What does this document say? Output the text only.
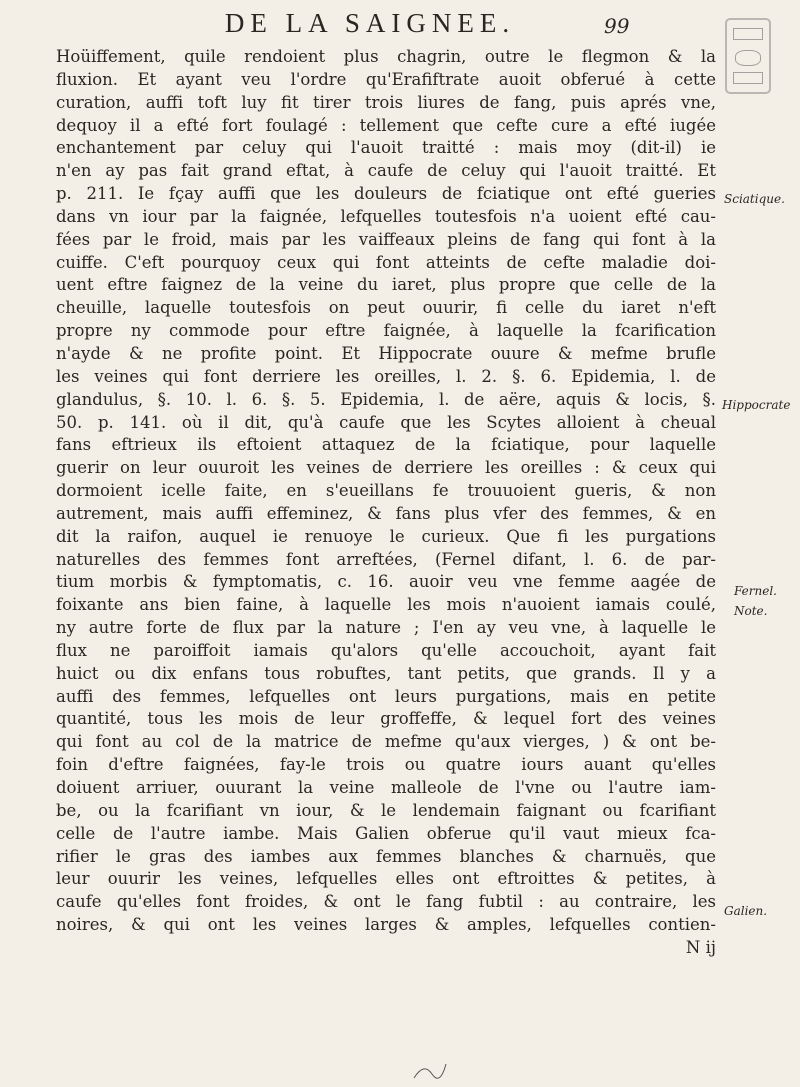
DE LA SAIGNEE.	99
Hoüiffement, quile rendoient plus chagrin, outre le flegmon & la
fluxion. Et ayant veu l'ordre qu'Erafiftrate auoit obferué à cette
curation, auffi toft luy fit tirer trois liures de fang, puis aprés vne,
dequoy il a efté fort foulagé : tellement que cefte cure a efté iugée
enchantement par celuy qui l'auoit traitté : mais moy (dit-il) ie
n'en ay pas fait grand eftat, à caufe de celuy qui l'auoit traitté. Et
p. 211. Ie fçay auffi que les douleurs de fciatique ont efté gueries
dans vn iour par la faignée, lefquelles toutesfois n'a uoient efté cau-
fées par le froid, mais par les vaiffeaux pleins de fang qui font à la
cuiffe. C'eft pourquoy ceux qui font atteints de cefte maladie doi-
uent eftre faignez de la veine du iaret, plus propre que celle de la
cheuille, laquelle toutesfois on peut ouurir, fi celle du iaret n'eft
propre ny commode pour eftre faignée, à laquelle la fcarification
n'ayde & ne profite point. Et Hippocrate ouure & mefme brufle
les veines qui font derriere les oreilles, l. 2. §. 6. Epidemia, l. de
glandulus, §. 10. l. 6. §. 5. Epidemia, l. de aëre, aquis & locis, §.
50. p. 141. où il dit, qu'à caufe que les Scytes alloient à cheual
fans eftrieux ils eftoient attaquez de la fciatique, pour laquelle
guerir on leur ouuroit les veines de derriere les oreilles : & ceux qui
dormoient icelle faite, en s'eueillans fe trouuoient gueris, & non
autrement, mais auffi effeminez, & fans plus vfer des femmes, & en
dit la raifon, auquel ie renuoye le curieux. Que fi les purgations
naturelles des femmes font arreftées, (Fernel difant, l. 6. de par-
tium morbis & fymptomatis, c. 16. auoir veu vne femme aagée de
foixante ans bien faine, à laquelle les mois n'auoient iamais coulé,
ny autre forte de flux par la nature ; I'en ay veu vne, à laquelle le
flux ne paroiffoit iamais qu'alors qu'elle accouchoit, ayant fait
huict ou dix enfans tous robuftes, tant petits, que grands. Il y a
auffi des femmes, lefquelles ont leurs purgations, mais en petite
quantité, tous les mois de leur groffeffe, & lequel fort des veines
qui font au col de la matrice de mefme qu'aux vierges, ) & ont be-
foin d'eftre faignées, fay-le trois ou quatre iours auant qu'elles
doiuent arriuer, ouurant la veine malleole de l'vne ou l'autre iam-
be, ou la fcarifiant vn iour, & le lendemain faignant ou fcarifiant
celle de l'autre iambe. Mais Galien obferue qu'il vaut mieux fca-
rifier le gras des iambes aux femmes blanches & charnuës, que
leur ouurir les veines, lefquelles elles ont eftroittes & petites, à
caufe qu'elles font froides, & ont le fang fubtil : au contraire, les
noires, & qui ont les veines larges & amples, lefquelles contien-
N ij
Sciatique.
Hippocrate
Fernel.
Note.
Galien.
